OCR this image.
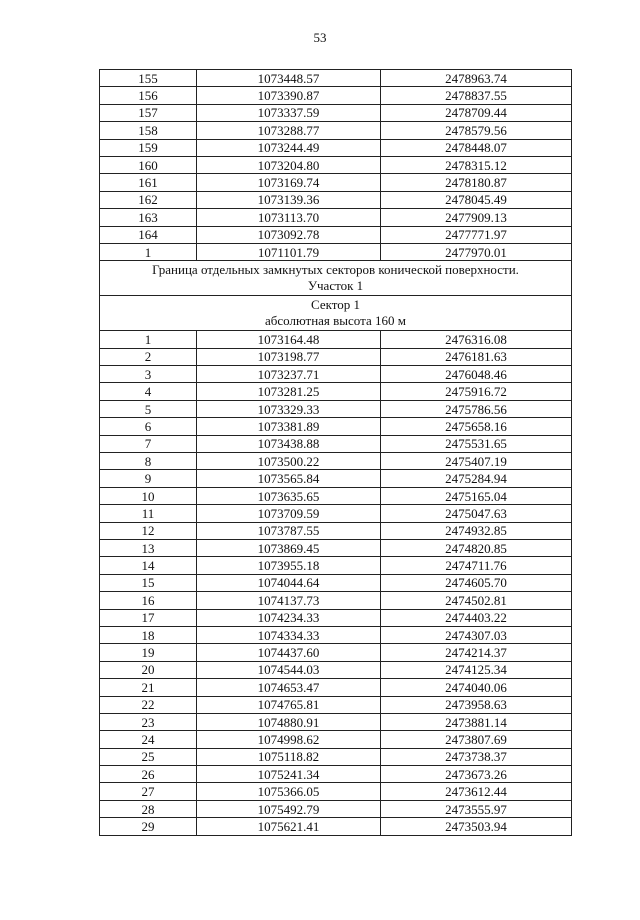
53
155	1073448.57	2478963.74
156	1073390.87	2478837.55
157	1073337.59	2478709.44
158	1073288.77	2478579.56
159	1073244.49	2478448.07
160	1073204.80	2478315.12
161	1073169.74	2478180.87
162	1073139.36	2478045.49
163	1073113.70	2477909.13
164	1073092.78	2477771.97
1	1071101.79	2477970.01

Граница отдельных замкнутых секторов конической поверхности.
Участок 1		

Сектор 1
абсолютная высота 160 м		

1	1073164.48	2476316.08
2	1073198.77	2476181.63
3	1073237.71	2476048.46
4	1073281.25	2475916.72
5	1073329.33	2475786.56
6	1073381.89	2475658.16
7	1073438.88	2475531.65
8	1073500.22	2475407.19
9	1073565.84	2475284.94
10	1073635.65	2475165.04
11	1073709.59	2475047.63
12	1073787.55	2474932.85
13	1073869.45	2474820.85
14	1073955.18	2474711.76
15	1074044.64	2474605.70
16	1074137.73	2474502.81
17	1074234.33	2474403.22
18	1074334.33	2474307.03
19	1074437.60	2474214.37
20	1074544.03	2474125.34
21	1074653.47	2474040.06
22	1074765.81	2473958.63
23	1074880.91	2473881.14
24	1074998.62	2473807.69
25	1075118.82	2473738.37
26	1075241.34	2473673.26
27	1075366.05	2473612.44
28	1075492.79	2473555.97
29	1075621.41	2473503.94
